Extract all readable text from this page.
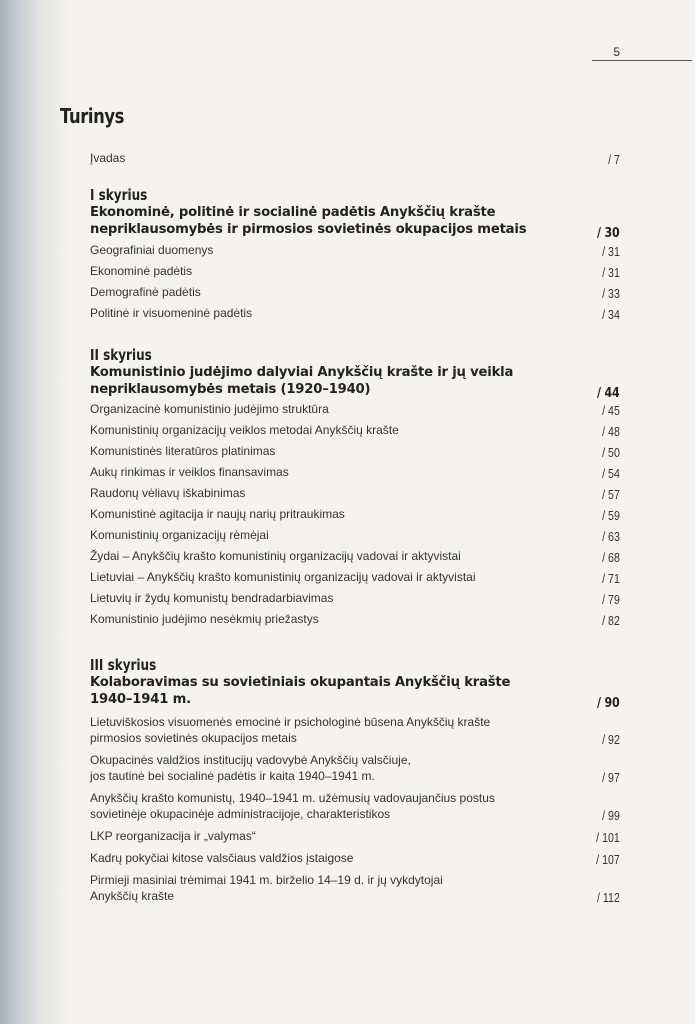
5
Turinys
Įvadas	/ 7
I skyrius
Ekonominė, politinė ir socialinė padėtis Anykščių krašte
nepriklausomybės ir pirmosios sovietinės okupacijos metais	/ 30
Geografiniai duomenys	/ 31
Ekonominė padėtis	/ 31
Demografinė padėtis	/ 33
Politinė ir visuomeninė padėtis	/ 34
II skyrius
Komunistinio judėjimo dalyviai Anykščių krašte ir jų veikla
nepriklausomybės metais (1920–1940)	/ 44
Organizacinė komunistinio judėjimo struktūra	/ 45
Komunistinių organizacijų veiklos metodai Anykščių krašte	/ 48
Komunistinės literatūros platinimas	/ 50
Aukų rinkimas ir veiklos finansavimas	/ 54
Raudonų vėliavų iškabinimas	/ 57
Komunistinė agitacija ir naujų narių pritraukimas	/ 59
Komunistinių organizacijų rėmėjai	/ 63
Žydai – Anykščių krašto komunistinių organizacijų vadovai ir aktyvistai	/ 68
Lietuviai – Anykščių krašto komunistinių organizacijų vadovai ir aktyvistai	/ 71
Lietuvių ir žydų komunistų bendradarbiavimas	/ 79
Komunistinio judėjimo nesėkmių priežastys	/ 82
III skyrius
Kolaboravimas su sovietiniais okupantais Anykščių krašte
1940–1941 m.	/ 90
Lietuviškosios visuomenės emocinė ir psichologinė būsena Anykščių krašte
pirmosios sovietinės okupacijos metais	/ 92
Okupacinės valdžios institucijų vadovybė Anykščių valsčiuje,
jos tautinė bei socialinė padėtis ir kaita 1940–1941 m.	/ 97
Anykščių krašto komunistų, 1940–1941 m. užėmusių vadovaujančius postus
sovietinėje okupacinėje administracijoje, charakteristikos	/ 99
LKP reorganizacija ir „valymas“	/ 101
Kadrų pokyčiai kitose valsčiaus valdžios įstaigose	/ 107
Pirmieji masiniai trėmimai 1941 m. birželio 14–19 d. ir jų vykdytojai
Anykščių krašte	/ 112
